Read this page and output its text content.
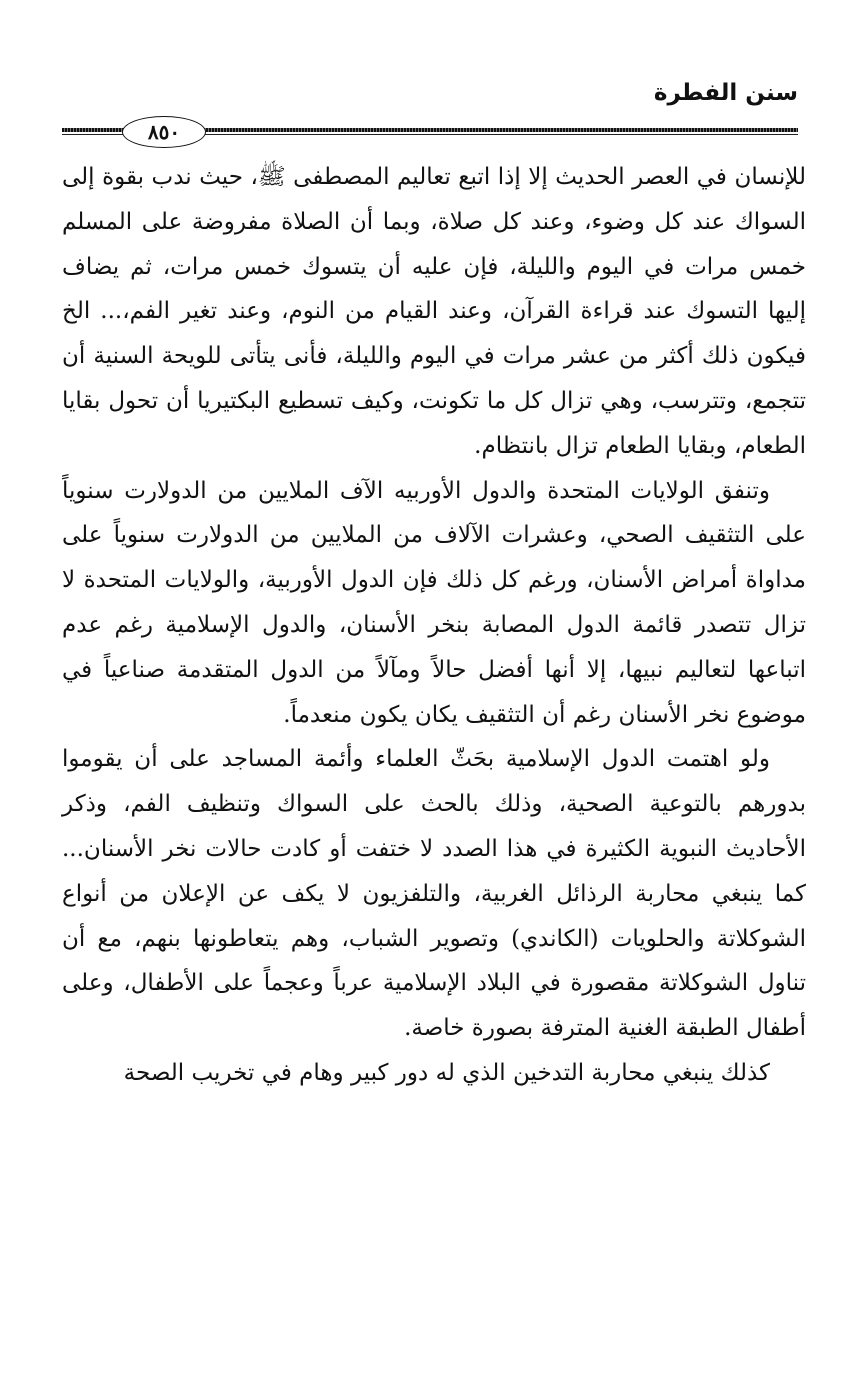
سنن الفطرة
٨٥٠

للإنسان في العصر الحديث إلا إذا اتبع تعاليم المصطفى ﷺ، حيث ندب بقوة إلى السواك عند كل وضوء، وعند كل صلاة، وبما أن الصلاة مفروضة على المسلم خمس مرات في اليوم والليلة، فإن عليه أن يتسوك خمس مرات، ثم يضاف إليها التسوك عند قراءة القرآن، وعند القيام من النوم، وعند تغير الفم،... الخ فيكون ذلك أكثر من عشر مرات في اليوم والليلة، فأنى يتأتى للويحة السنية أن تتجمع، وتترسب، وهي تزال كل ما تكونت، وكيف تسطيع البكتيريا أن تحول بقايا الطعام، وبقايا الطعام تزال بانتظام.

وتنفق الولايات المتحدة والدول الأوربيه الآف الملايين من الدولارت سنوياً على التثقيف الصحي، وعشرات الآلاف من الملايين من الدولارت سنوياً على مداواة أمراض الأسنان، ورغم كل ذلك فإن الدول الأوربية، والولايات المتحدة لا تزال تتصدر قائمة الدول المصابة بنخر الأسنان، والدول الإسلامية رغم عدم اتباعها لتعاليم نبيها، إلا أنها أفضل حالاً ومآلاً من الدول المتقدمة صناعياً في موضوع نخر الأسنان رغم أن التثقيف يكان يكون منعدماً.

ولو اهتمت الدول الإسلامية بحَثّ العلماء وأئمة المساجد على أن يقوموا بدورهم بالتوعية الصحية، وذلك بالحث على السواك وتنظيف الفم، وذكر الأحاديث النبوية الكثيرة في هذا الصدد لا ختفت أو كادت حالات نخر الأسنان... كما ينبغي محاربة الرذائل الغربية، والتلفزيون لا يكف عن الإعلان من أنواع الشوكلاتة والحلويات (الكاندي) وتصوير الشباب، وهم يتعاطونها بنهم، مع أن تناول الشوكلاتة مقصورة في البلاد الإسلامية عرباً وعجماً على الأطفال، وعلى أطفال الطبقة الغنية المترفة بصورة خاصة.

كذلك ينبغي محاربة التدخين الذي له دور كبير وهام في تخريب الصحة
